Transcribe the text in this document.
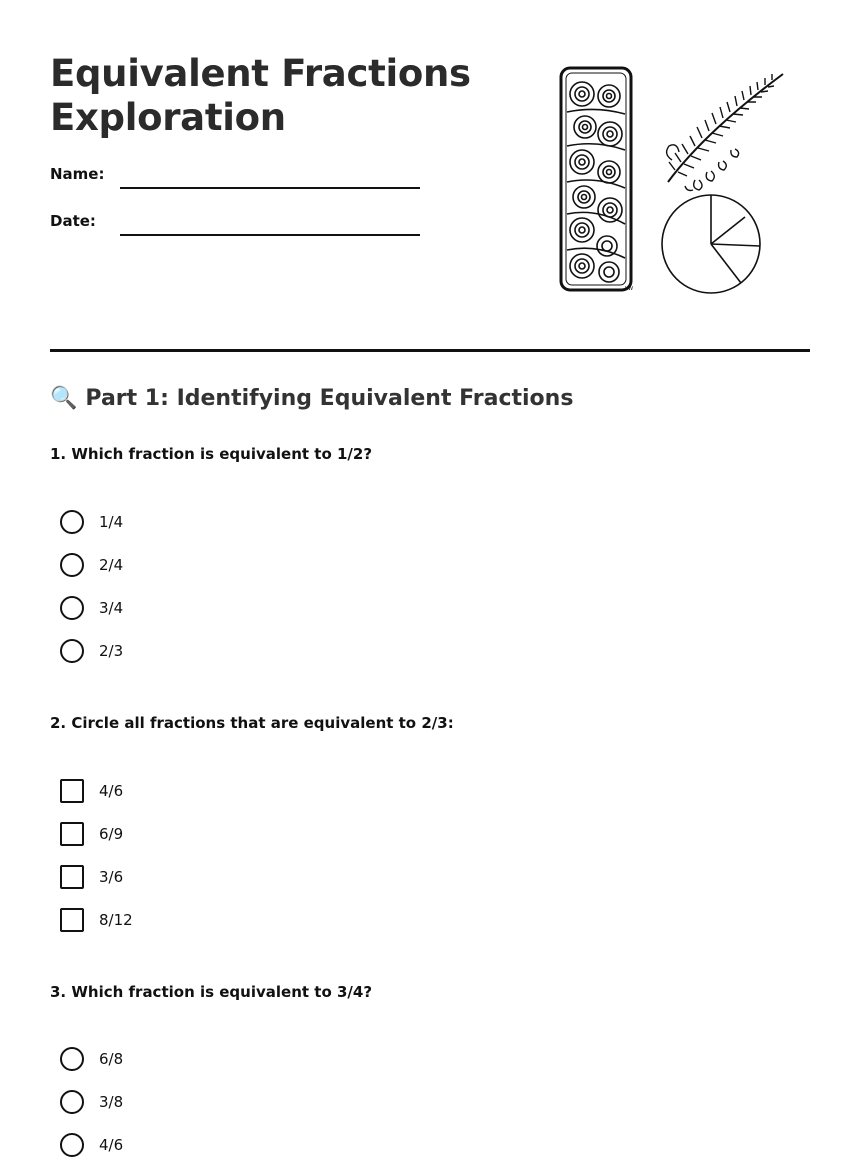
Equivalent Fractions
Exploration
Name:
Date:
KW
🔍 Part 1: Identifying Equivalent Fractions

1. Which fraction is equivalent to 1/2?

1/4
2/4
3/4
2/3

2. Circle all fractions that are equivalent to 2/3:

4/6
6/9
3/6
8/12

3. Which fraction is equivalent to 3/4?

6/8
3/8
4/6
